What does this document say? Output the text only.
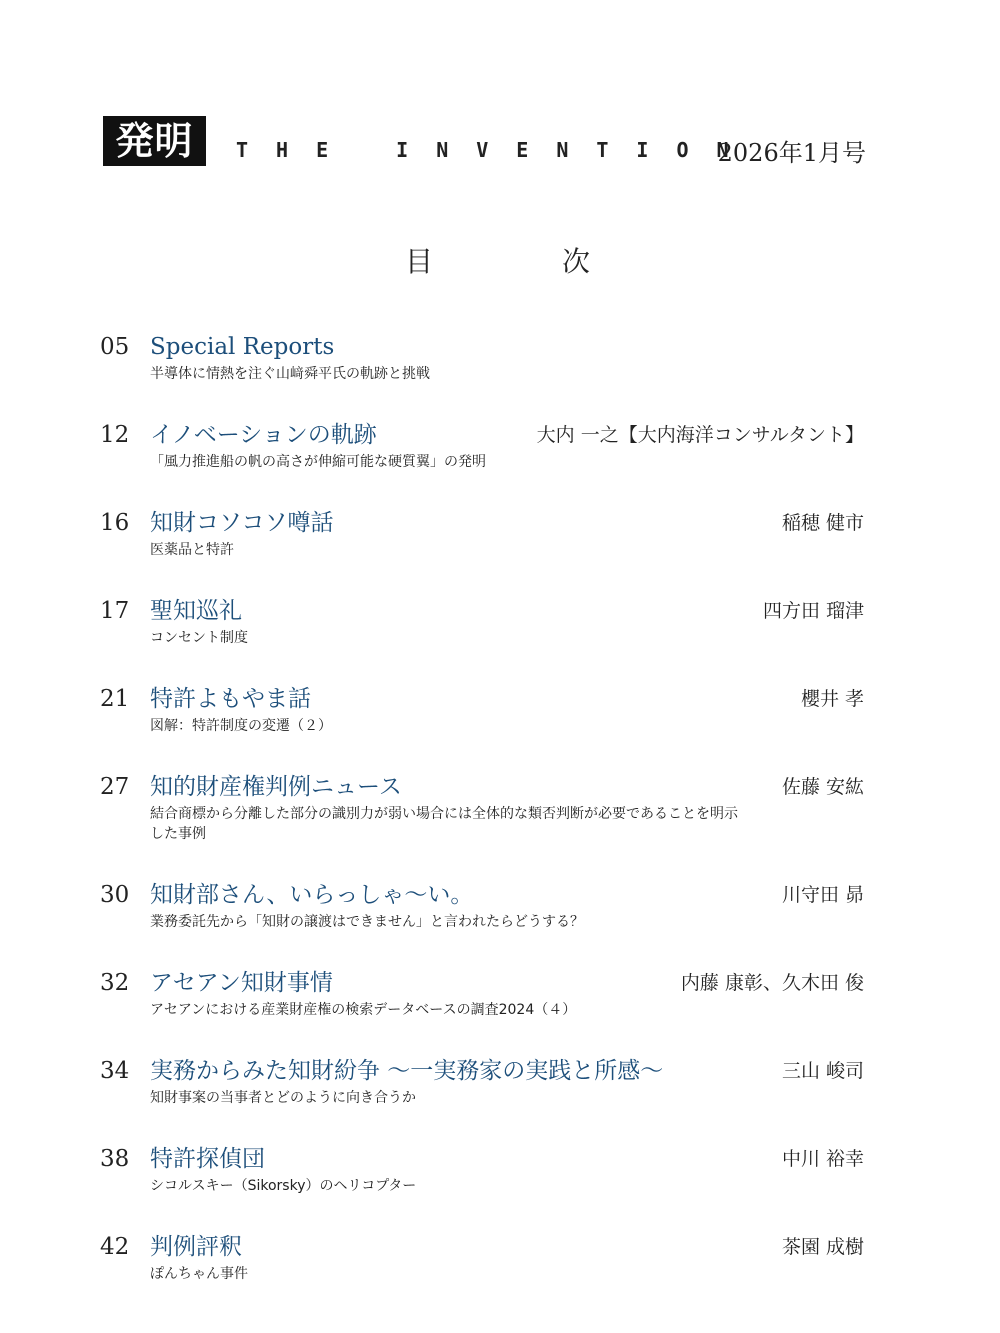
発明 THE INVENTION
2026年1月号
目 次
05 Special Reports
半導体に情熱を注ぐ山﨑舜平氏の軌跡と挑戦
12 イノベーションの軌跡	大内 一之【大内海洋コンサルタント】
「風力推進船の帆の高さが伸縮可能な硬質翼」の発明
16 知財コソコソ噂話	稲穂 健市
医薬品と特許
17 聖知巡礼	四方田 瑠津
コンセント制度
21 特許よもやま話	櫻井 孝
図解：特許制度の変遷（２）
27 知的財産権判例ニュース	佐藤 安紘
結合商標から分離した部分の識別力が弱い場合には全体的な類否判断が必要であることを明示した事例
30 知財部さん、いらっしゃ〜い。	川守田 昴
業務委託先から「知財の譲渡はできません」と言われたらどうする？
32 アセアン知財事情	内藤 康彰、久木田 俊
アセアンにおける産業財産権の検索データベースの調査2024（４）
34 実務からみた知財紛争 〜一実務家の実践と所感〜	三山 峻司
知財事案の当事者とどのように向き合うか
38 特許探偵団	中川 裕幸
シコルスキー（Sikorsky）のヘリコプター
42 判例評釈	茶園 成樹
ぽんちゃん事件
